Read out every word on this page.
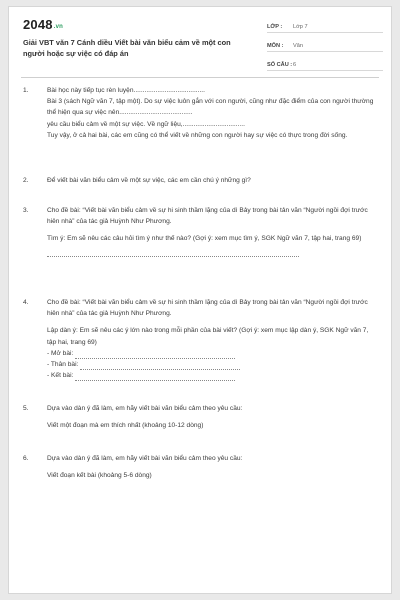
2048.vn
Giải VBT văn 7 Cánh diều Viết bài văn biểu cảm về một con người hoặc sự việc có đáp án
LỚP :	Lớp 7
MÔN :	Văn
SỐ CÂU : 6
1.	Bài học này tiếp tục rèn luyện.......................................

Bài 3 (sách Ngữ văn 7, tập một). Do sự việc luôn gắn với con người, cũng như đặc điểm của con người thường thể hiện qua sự việc nên........................................

yêu cầu biểu cảm về một sự việc. Về ngữ liệu,..................................

Tuy vậy, ở cả hai bài, các em cũng có thể viết về những con người hay sự việc có thực trong đời sống.

2.	Để viết bài văn biểu cảm về một sự việc, các em cần chú ý những gì?

3.	Cho đề bài: “Viết bài văn biểu cảm về sự hi sinh thầm lặng của dì Bảy trong bài tản văn “Người ngồi đợi trước hiên nhà” của tác giả Huỳnh Như Phương.

Tìm ý: Em sẽ nêu các câu hỏi tìm ý như thế nào? (Gợi ý: xem mục tìm ý, SGK Ngữ văn 7, tập hai, trang 69)

4.	Cho đề bài: “Viết bài văn biểu cảm về sự hi sinh thầm lặng của dì Bảy trong bài tản văn “Người ngồi đợi trước hiên nhà” của tác giả Huỳnh Như Phương.

Lập dàn ý: Em sẽ nêu các ý lớn nào trong mỗi phần của bài viết? (Gợi ý: xem mục lập dàn ý, SGK Ngữ văn 7, tập hai, trang 69)

- Mở bài:
- Thân bài:
- Kết bài:
5.	Dựa vào dàn ý đã làm, em hãy viết bài văn biểu cảm theo yêu cầu:

Viết một đoạn mà em thích nhất (khoảng 10-12 dòng)

6.	Dựa vào dàn ý đã làm, em hãy viết bài văn biểu cảm theo yêu cầu:

Viết đoạn kết bài (khoảng 5-6 dòng)
